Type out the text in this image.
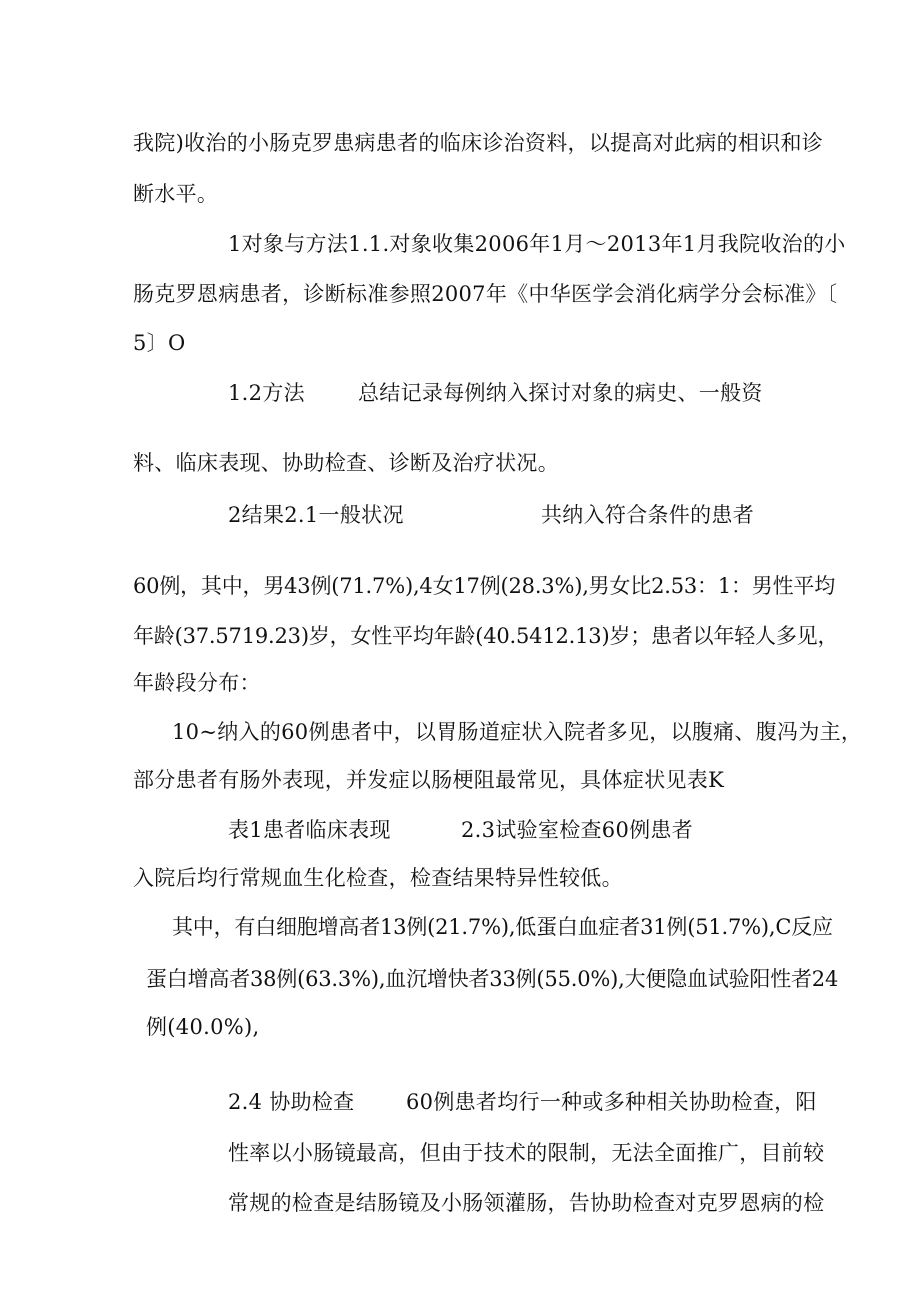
我院)收治的小肠克罗患病患者的临床诊治资料，以提高对此病的相识和诊
断水平。
1对象与方法1.1.对象收集2006年1月～2013年1月我院收治的小
肠克罗恩病患者，诊断标准参照2007年《中华医学会消化病学分会标准》〔
5〕O
1.2方法	总结记录每例纳入探讨对象的病史、一般资
料、临床表现、协助检查、诊断及治疗状况。
2结果2.1一般状况	共纳入符合条件的患者
60例，其中，男43例(71.7%),4女17例(28.3%),男女比2.53：1：男性平均
年龄(37.5719.23)岁，女性平均年龄(40.5412.13)岁；患者以年轻人多见，
年龄段分布：
10~纳入的60例患者中，以胃肠道症状入院者多见，以腹痛、腹冯为主，
部分患者有肠外表现，并发症以肠梗阻最常见，具体症状见表K
表1患者临床表现	2.3试验室检查60例患者
入院后均行常规血生化检查，检查结果特异性较低。
其中，有白细胞增高者13例(21.7%),低蛋白血症者31例(51.7%),C反应
蛋白增高者38例(63.3%),血沉增快者33例(55.0%),大便隐血试验阳性者24
例(40.0%),
2.4 协助检查 60例患者均行一种或多种相关协助检查，阳
性率以小肠镜最高，但由于技术的限制，无法全面推广，目前较
常规的检查是结肠镜及小肠领灌肠，告协助检查对克罗恩病的检
